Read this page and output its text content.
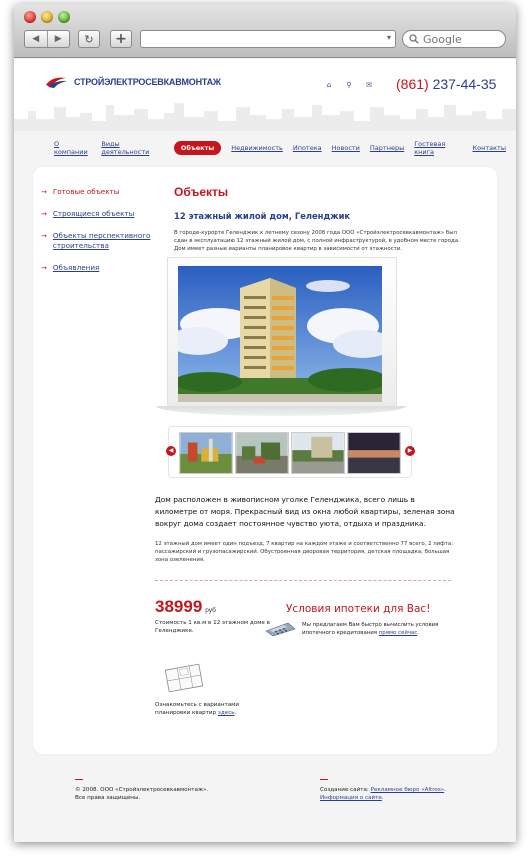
◀	▶	↻	+	▾
Google
СТРОЙЭЛЕКТРОСЕВКАВМОНТАЖ	⌂	⚲	✉ (861) 237-44-35
О компании
Виды деятельности	Объекты	Недвижимость Ипотека Новости Партнеры Гостевая книга	Контакты
→ Готовые объекты
→ Строящиеся объекты
→ Объекты перспективного строительства
→ Объявления
Объекты
12 этажный жилой дом, Геленджик

В городе-курорте Геленджик к летнему сезону 2008 года ООО «Стройэлектросевкавмонтаж» был сдан в эксплуатацию 12 этажный жилой дом, с полной инфраструктурой, в удобном месте города. Дом имеет разные варианты планировок квартир в зависимости от этажности.

◀	▶

Дом расположен в живописном уголке Геленджика, всего лишь в километре от моря. Прекрасный вид из окна любой квартиры, зеленая зона вокруг дома создает постоянное чувство уюта, отдыха и праздника.

12 этажный дом имеет один подъезд, 7 квартир на каждом этаже и соответственно 77 всего, 2 лифта: пассажирский и грузопасажирский. Обустроенная дворовая территория, детская площадка, большая зона озеленения.

38999 руб

Стоимость 1 кв.м в 12 этажном доме в Геленджике.

Условия ипотеки для Вас!

Мы предлагаем Вам быстро вычислить условия ипотечного кредитования прямо сейчас.

Ознакомьтесь с вариантами планировки квартир здесь.

© 2008. ООО «Стройэлектросевкавмонтаж».
Все права защищены.
Создание сайта: Рекламное бюро «Altros».
Информация о сайте.
